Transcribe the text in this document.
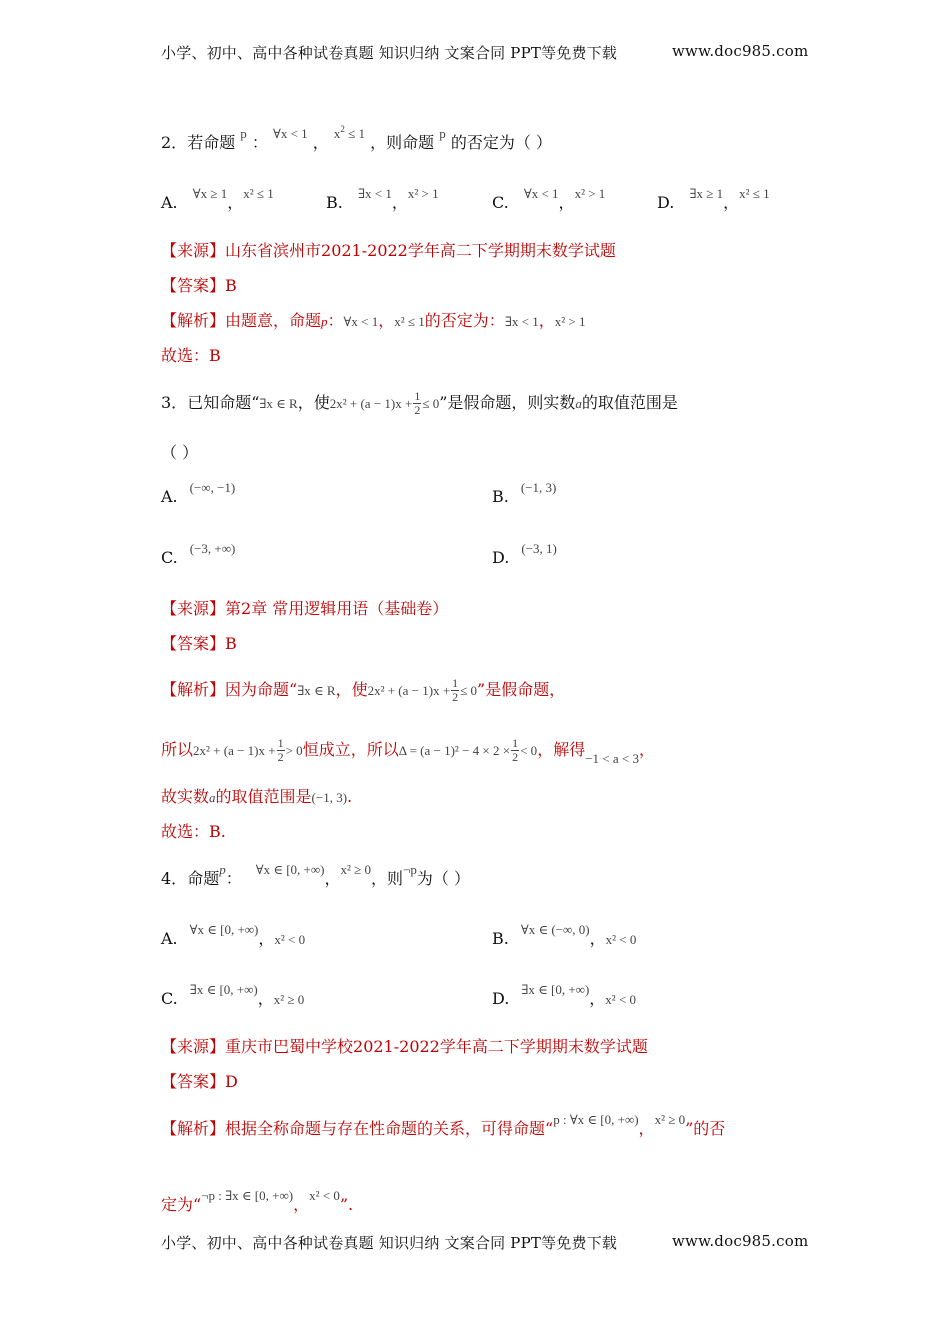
小学、初中、高中各种试卷真题 知识归纳 文案合同 PPT等免费下载	www.doc985.com
2．若命题 $^p$ ： $^{\forall x < 1}$ ， $^{x^2 \le 1}$ ，则命题 $^p$ 的否定为（ ）
A. $^{\forall x \ge 1}$，$^{x^2 \le 1}$	B. $^{\exists x < 1}$，$^{x^2 > 1}$	C. $^{\forall x < 1}$，$^{x^2 > 1}$	D. $^{\exists x \ge 1}$，$^{x^2 \le 1}$
【来源】山东省滨州市2021-2022学年高二下学期期末数学试题
【答案】B
【解析】由题意，命题p：∀x < 1，x² ≤ 1的否定为：∃x < 1，x² > 1
故选：B
3．已知命题“∃x ∈ R，使$2x^2 + (a - 1)x + \frac{1}{2} \le 0$”是假命题，则实数a的取值范围是
（ ）
A. $^{(-\infty, -1)}$	B. $^{(-1, 3)}$
C. $^{(-3, +\infty)}$	D. $^{(-3, 1)}$
【来源】第2章 常用逻辑用语（基础卷）
【答案】B
【解析】因为命题“∃x ∈ R，使$2x^2 + (a - 1)x + \frac{1}{2} \le 0$”是假命题，
所以$2x^2 + (a - 1)x + \frac{1}{2} > 0$恒成立，所以$\Delta = (a - 1)^2 - 4 \times 2 \times \frac{1}{2} < 0$，解得$_{-1 < a < 3}$，
故实数a的取值范围是(−1, 3).
故选：B.
4．命题$^p$： $^{\forall x \in [0, +\infty)}$，$^{x^2 \ge 0}$，则$^{\neg p}$为（ ）
A. $^{\forall x \in [0, +\infty)}$，x² < 0	B. $^{\forall x \in (-\infty, 0)}$，x² < 0
C. $^{\exists x \in [0, +\infty)}$，x² ≥ 0	D. $^{\exists x \in [0, +\infty)}$，x² < 0
【来源】重庆市巴蜀中学校2021-2022学年高二下学期期末数学试题
【答案】D
【解析】根据全称命题与存在性命题的关系，可得命题“$^{p : \forall x \in [0, +\infty)}$，$^{x^2 \ge 0}$”的否
定为“$^{\neg p : \exists x \in [0, +\infty)}$，$^{x^2 < 0}$”.
小学、初中、高中各种试卷真题 知识归纳 文案合同 PPT等免费下载	www.doc985.com
